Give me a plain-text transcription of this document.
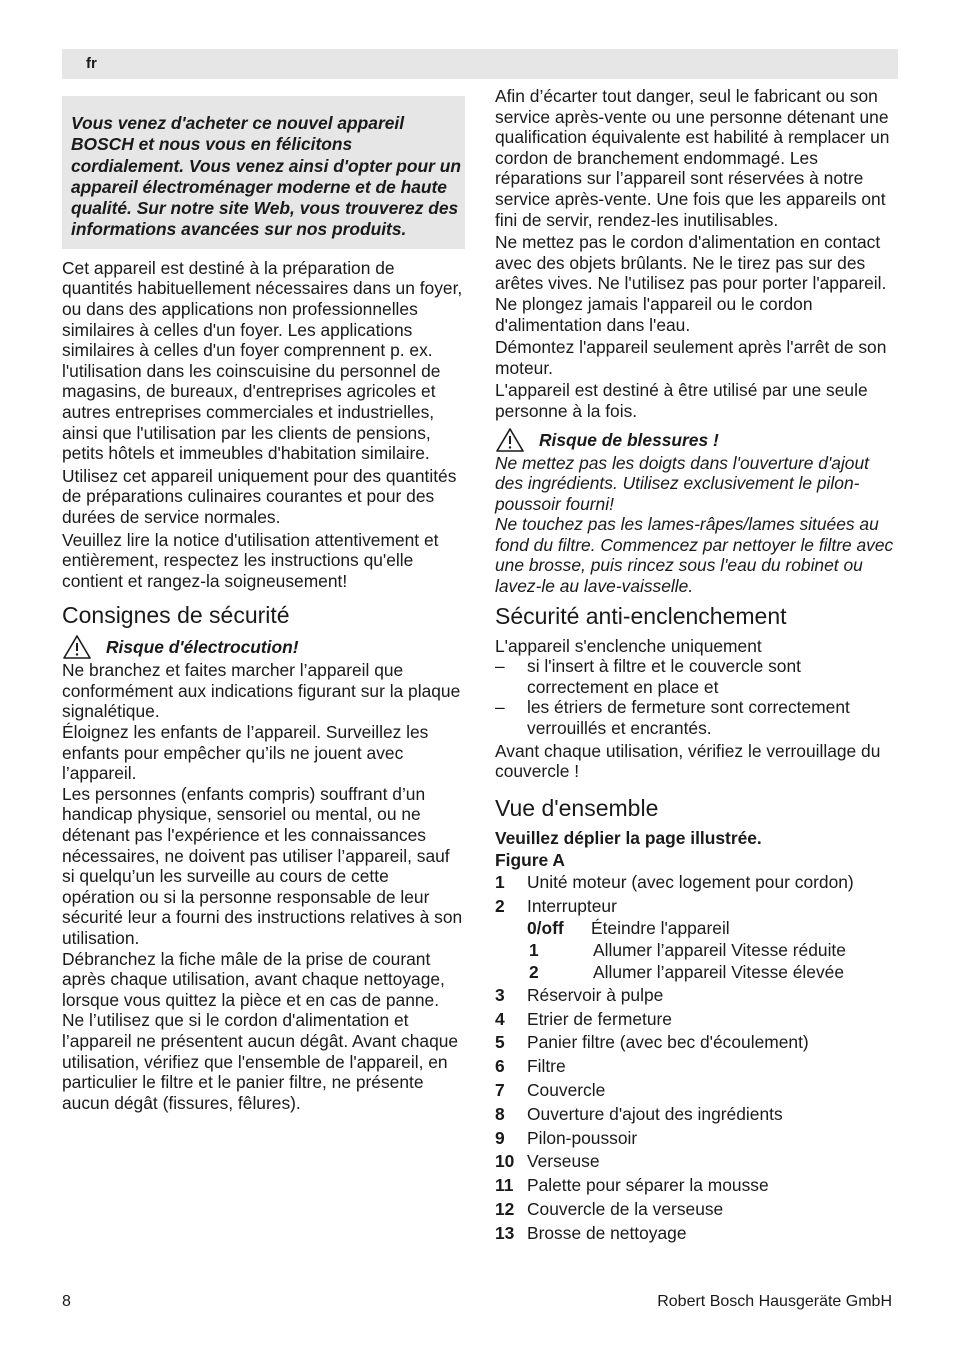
fr
Vous venez d'acheter ce nouvel appareil BOSCH et nous vous en félicitons cordialement. Vous venez ainsi d'opter pour un appareil électroménager moderne et de haute qualité. Sur notre site Web, vous trouverez des informations avancées sur nos produits.

Cet appareil est destiné à la préparation de quantités habituellement nécessaires dans un foyer, ou dans des applications non professionnelles similaires à celles d'un foyer. Les applications similaires à celles d'un foyer comprennent p. ex. l'utilisation dans les coinscuisine du personnel de magasins, de bureaux, d'entreprises agricoles et autres entreprises commerciales et industrielles, ainsi que l'utilisation par les clients de pensions, petits hôtels et immeubles d'habitation similaire.

Utilisez cet appareil uniquement pour des quantités de préparations culinaires courantes et pour des durées de service normales.

Veuillez lire la notice d'utilisation attentivement et entièrement, respectez les instructions qu'elle contient et rangez-la soigneusement!

Consignes de sécurité
Risque d'électrocution!

Ne branchez et faites marcher l’appareil que conformément aux indications figurant sur la plaque signalétique.

Éloignez les enfants de l’appareil. Surveillez les enfants pour empêcher qu’ils ne jouent avec l’appareil.

Les personnes (enfants compris) souffrant d’un handicap physique, sensoriel ou mental, ou ne détenant pas l'expérience et les connaissances nécessaires, ne doivent pas utiliser l’appareil, sauf si quelqu’un les surveille au cours de cette opération ou si la personne responsable de leur sécurité leur a fourni des instructions relatives à son utilisation.

Débranchez la fiche mâle de la prise de courant après chaque utilisation, avant chaque nettoyage, lorsque vous quittez la pièce et en cas de panne.

Ne l’utilisez que si le cordon d'alimentation et l’appareil ne présentent aucun dégât. Avant chaque utilisation, vérifiez que l'ensemble de l'appareil, en particulier le filtre et le panier filtre, ne présente aucun dégât (fissures, fêlures).

Afin d’écarter tout danger, seul le fabricant ou son service après-vente ou une personne détenant une qualification équivalente est habilité à remplacer un cordon de branchement endommagé. Les réparations sur l’appareil sont réservées à notre service après-vente. Une fois que les appareils ont fini de servir, rendez-les inutilisables.

Ne mettez pas le cordon d'alimentation en contact avec des objets brûlants. Ne le tirez pas sur des arêtes vives. Ne l'utilisez pas pour porter l'appareil. Ne plongez jamais l'appareil ou le cordon d'alimentation dans l'eau.

Démontez l'appareil seulement après l'arrêt de son moteur.

L'appareil est destiné à être utilisé par une seule personne à la fois.

Risque de blessures !

Ne mettez pas les doigts dans l'ouverture d'ajout des ingrédients. Utilisez exclusivement le pilon-poussoir fourni!

Ne touchez pas les lames-râpes/lames situées au fond du filtre. Commencez par nettoyer le filtre avec une brosse, puis rincez sous l'eau du robinet ou lavez-le au lave-vaisselle.

Sécurité anti-enclenchement

L'appareil s'enclenche uniquement

– si l'insert à filtre et le couvercle sont correctement en place et
– les étriers de fermeture sont correctement verrouillés et encrantés.

Avant chaque utilisation, vérifiez le verrouillage du couvercle !

Vue d'ensemble
Veuillez déplier la page illustrée.
Figure A
1	Unité moteur (avec logement pour cordon)
2	Interrupteur
0/off	Éteindre l'appareil
1	Allumer l’appareil Vitesse réduite
2	Allumer l’appareil Vitesse élevée
3	Réservoir à pulpe
4	Etrier de fermeture
5	Panier filtre (avec bec d'écoulement)
6	Filtre
7	Couvercle
8	Ouverture d'ajout des ingrédients
9	Pilon-poussoir
10 Verseuse
11 Palette pour séparer la mousse
12 Couvercle de la verseuse
13 Brosse de nettoyage
8	Robert Bosch Hausgeräte GmbH
